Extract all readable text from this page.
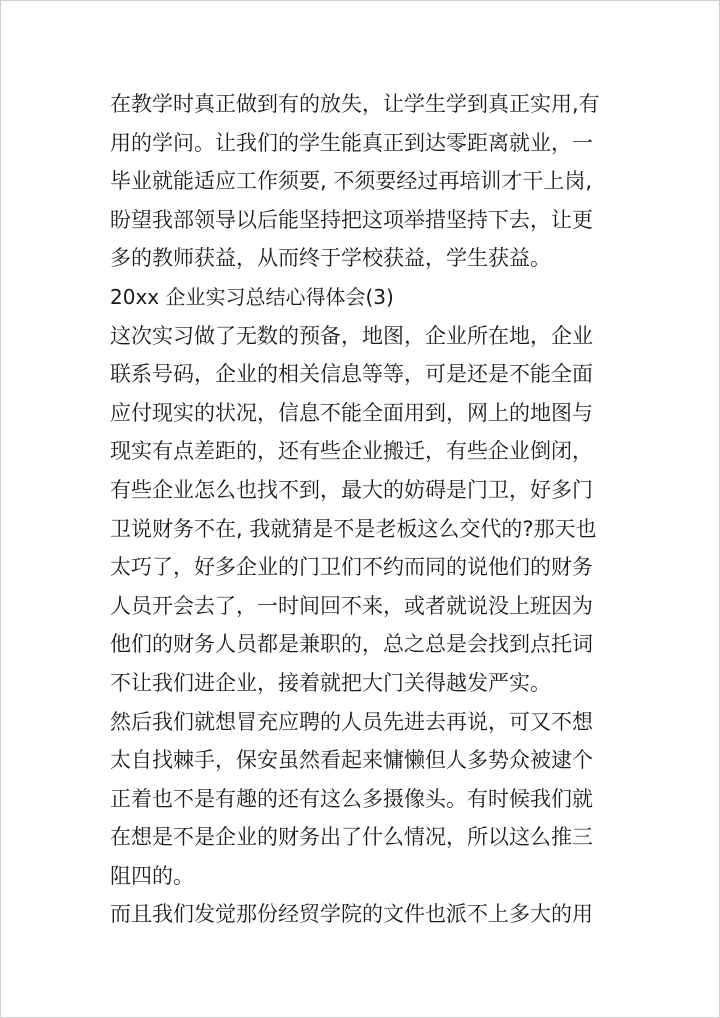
在教学时真正做到有的放失，让学生学到真正实用,有
用的学问。让我们的学生能真正到达零距离就业，一
毕业就能适应工作须要, 不须要经过再培训才干上岗,
盼望我部领导以后能坚持把这项举措坚持下去，让更
多的教师获益，从而终于学校获益，学生获益。
20xx 企业实习总结心得体会(3)
这次实习做了无数的预备，地图，企业所在地，企业
联系号码，企业的相关信息等等，可是还是不能全面
应付现实的状况，信息不能全面用到，网上的地图与
现实有点差距的，还有些企业搬迁，有些企业倒闭，
有些企业怎么也找不到，最大的妨碍是门卫，好多门
卫说财务不在, 我就猜是不是老板这么交代的?那天也
太巧了，好多企业的门卫们不约而同的说他们的财务
人员开会去了，一时间回不来，或者就说没上班因为
他们的财务人员都是兼职的，总之总是会找到点托词
不让我们进企业，接着就把大门关得越发严实。
然后我们就想冒充应聘的人员先进去再说，可又不想
太自找棘手，保安虽然看起来慵懒但人多势众被逮个
正着也不是有趣的还有这么多摄像头。有时候我们就
在想是不是企业的财务出了什么情况，所以这么推三
阻四的。
而且我们发觉那份经贸学院的文件也派不上多大的用
